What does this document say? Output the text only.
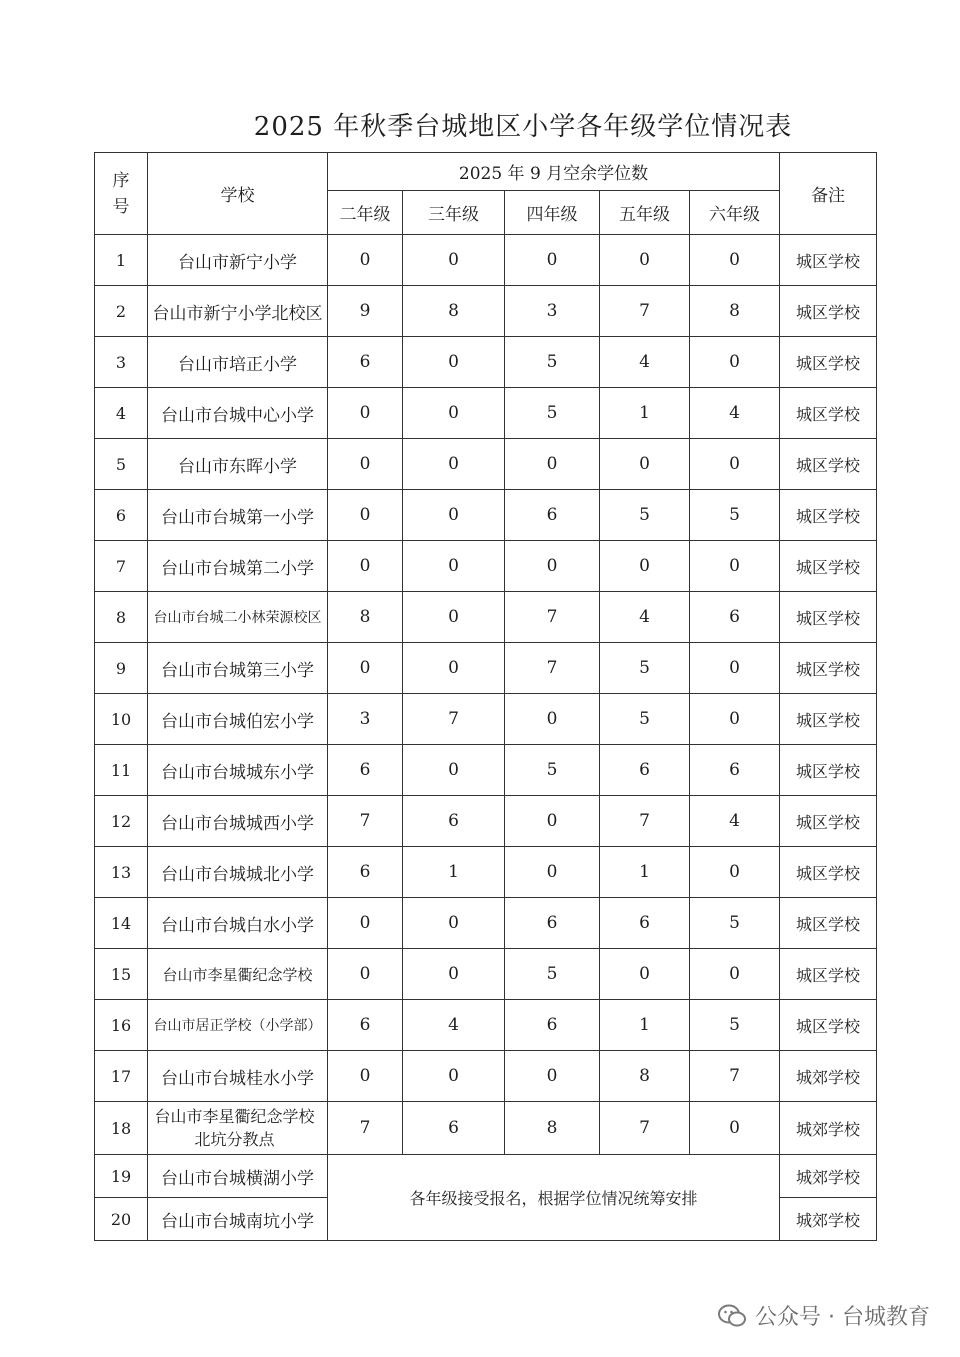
2025 年秋季台城地区小学各年级学位情况表
序
号	学校	2025 年 9 月空余学位数					备注
		二年级	三年级	四年级	五年级	六年级	
1	台山市新宁小学	0	0	0	0	0	城区学校
2	台山市新宁小学北校区	9	8	3	7	8	城区学校
3	台山市培正小学	6	0	5	4	0	城区学校
4	台山市台城中心小学	0	0	5	1	4	城区学校
5	台山市东晖小学	0	0	0	0	0	城区学校
6	台山市台城第一小学	0	0	6	5	5	城区学校
7	台山市台城第二小学	0	0	0	0	0	城区学校
8	台山市台城二小林荣源校区	8	0	7	4	6	城区学校
9	台山市台城第三小学	0	0	7	5	0	城区学校
10	台山市台城伯宏小学	3	7	0	5	0	城区学校
11	台山市台城城东小学	6	0	5	6	6	城区学校
12	台山市台城城西小学	7	6	0	7	4	城区学校
13	台山市台城城北小学	6	1	0	1	0	城区学校
14	台山市台城白水小学	0	0	6	6	5	城区学校
15	台山市李星衢纪念学校	0	0	5	0	0	城区学校
16	台山市居正学校（小学部）	6	4	6	1	5	城区学校
17	台山市台城桂水小学	0	0	0	8	7	城郊学校
18	台山市李星衢纪念学校北坑分教点	7	6	8	7	0	城郊学校
19	台山市台城横湖小学	各年级接受报名，根据学位情况统筹安排					城郊学校
20	台山市台城南坑小学						城郊学校
公众号 · 台城教育
